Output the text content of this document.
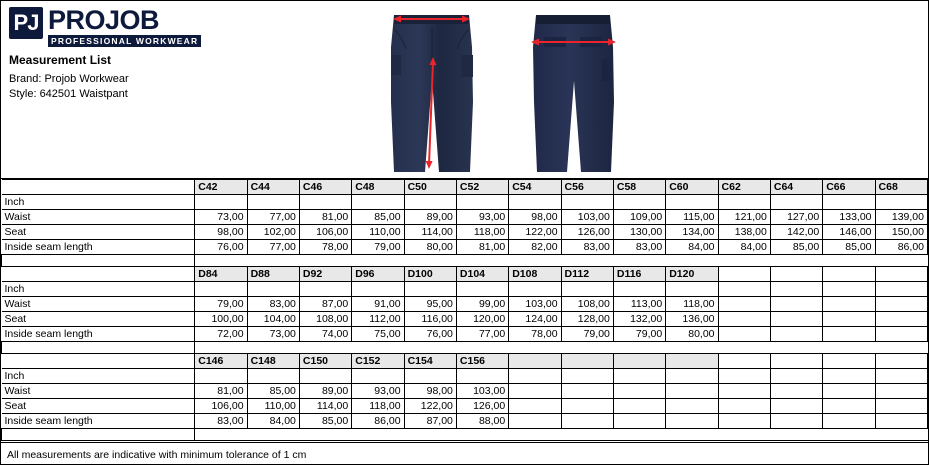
PJ PROJOB
PROFESSIONAL WORKWEAR
Measurement List
Brand: Projob Workwear
Style: 642501 Waistpant
	C42	C44	C46	C48	C50	C52	C54	C56	C58	C60	C62	C64	C66	C68
Inch														
Waist	73,00	77,00	81,00	85,00	89,00	93,00	98,00	103,00	109,00	115,00	121,00	127,00	133,00	139,00
Seat	98,00	102,00	106,00	110,00	114,00	118,00	122,00	126,00	130,00	134,00	138,00	142,00	146,00	150,00
Inside seam length	76,00	77,00	78,00	79,00	80,00	81,00	82,00	83,00	83,00	84,00	84,00	85,00	85,00	86,00

	D84	D88	D92	D96	D100	D104	D108	D112	D116	D120				
Inch														
Waist	79,00	83,00	87,00	91,00	95,00	99,00	103,00	108,00	113,00	118,00				
Seat	100,00	104,00	108,00	112,00	116,00	120,00	124,00	128,00	132,00	136,00				
Inside seam length	72,00	73,00	74,00	75,00	76,00	77,00	78,00	79,00	79,00	80,00				

	C146	C148	C150	C152	C154	C156								
Inch														
Waist	81,00	85,00	89,00	93,00	98,00	103,00								
Seat	106,00	110,00	114,00	118,00	122,00	126,00								
Inside seam length	83,00	84,00	85,00	86,00	87,00	88,00								

All measurements are indicative with minimum tolerance of 1 cm
